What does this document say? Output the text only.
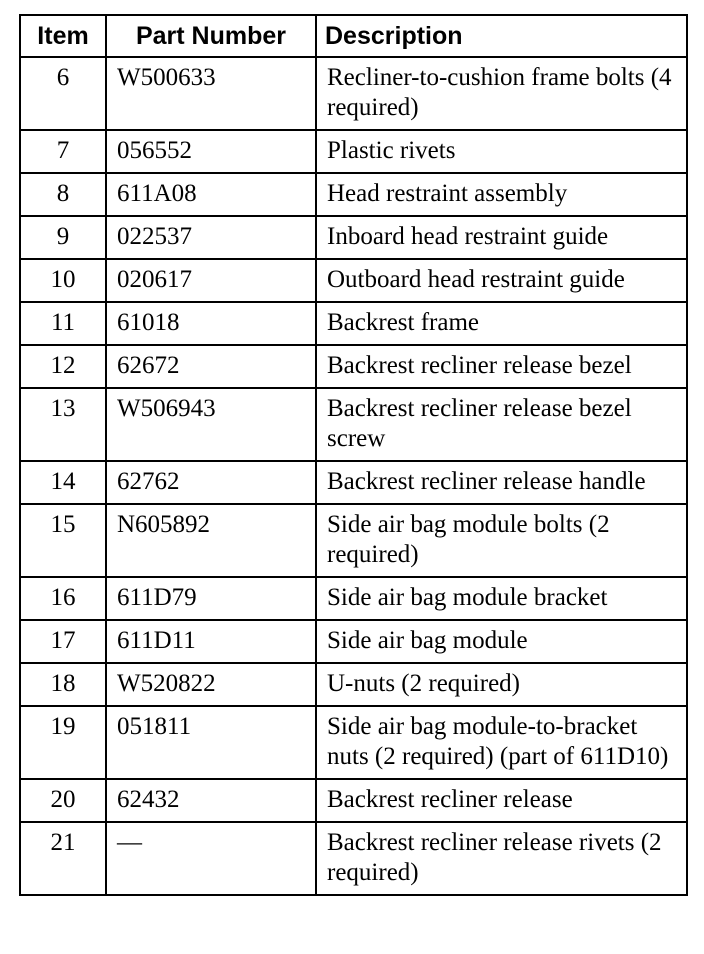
Item	Part Number	Description
6	W500633	Recliner-to-cushion frame bolts (4 required)
7	056552	Plastic rivets
8	611A08	Head restraint assembly
9	022537	Inboard head restraint guide
10	020617	Outboard head restraint guide
11	61018	Backrest frame
12	62672	Backrest recliner release bezel
13	W506943	Backrest recliner release bezel screw
14	62762	Backrest recliner release handle
15	N605892	Side air bag module bolts (2 required)
16	611D79	Side air bag module bracket
17	611D11	Side air bag module
18	W520822	U-nuts (2 required)
19	051811	Side air bag module-to-bracket nuts (2 required) (part of 611D10)
20	62432	Backrest recliner release
21	—	Backrest recliner release rivets (2 required)
